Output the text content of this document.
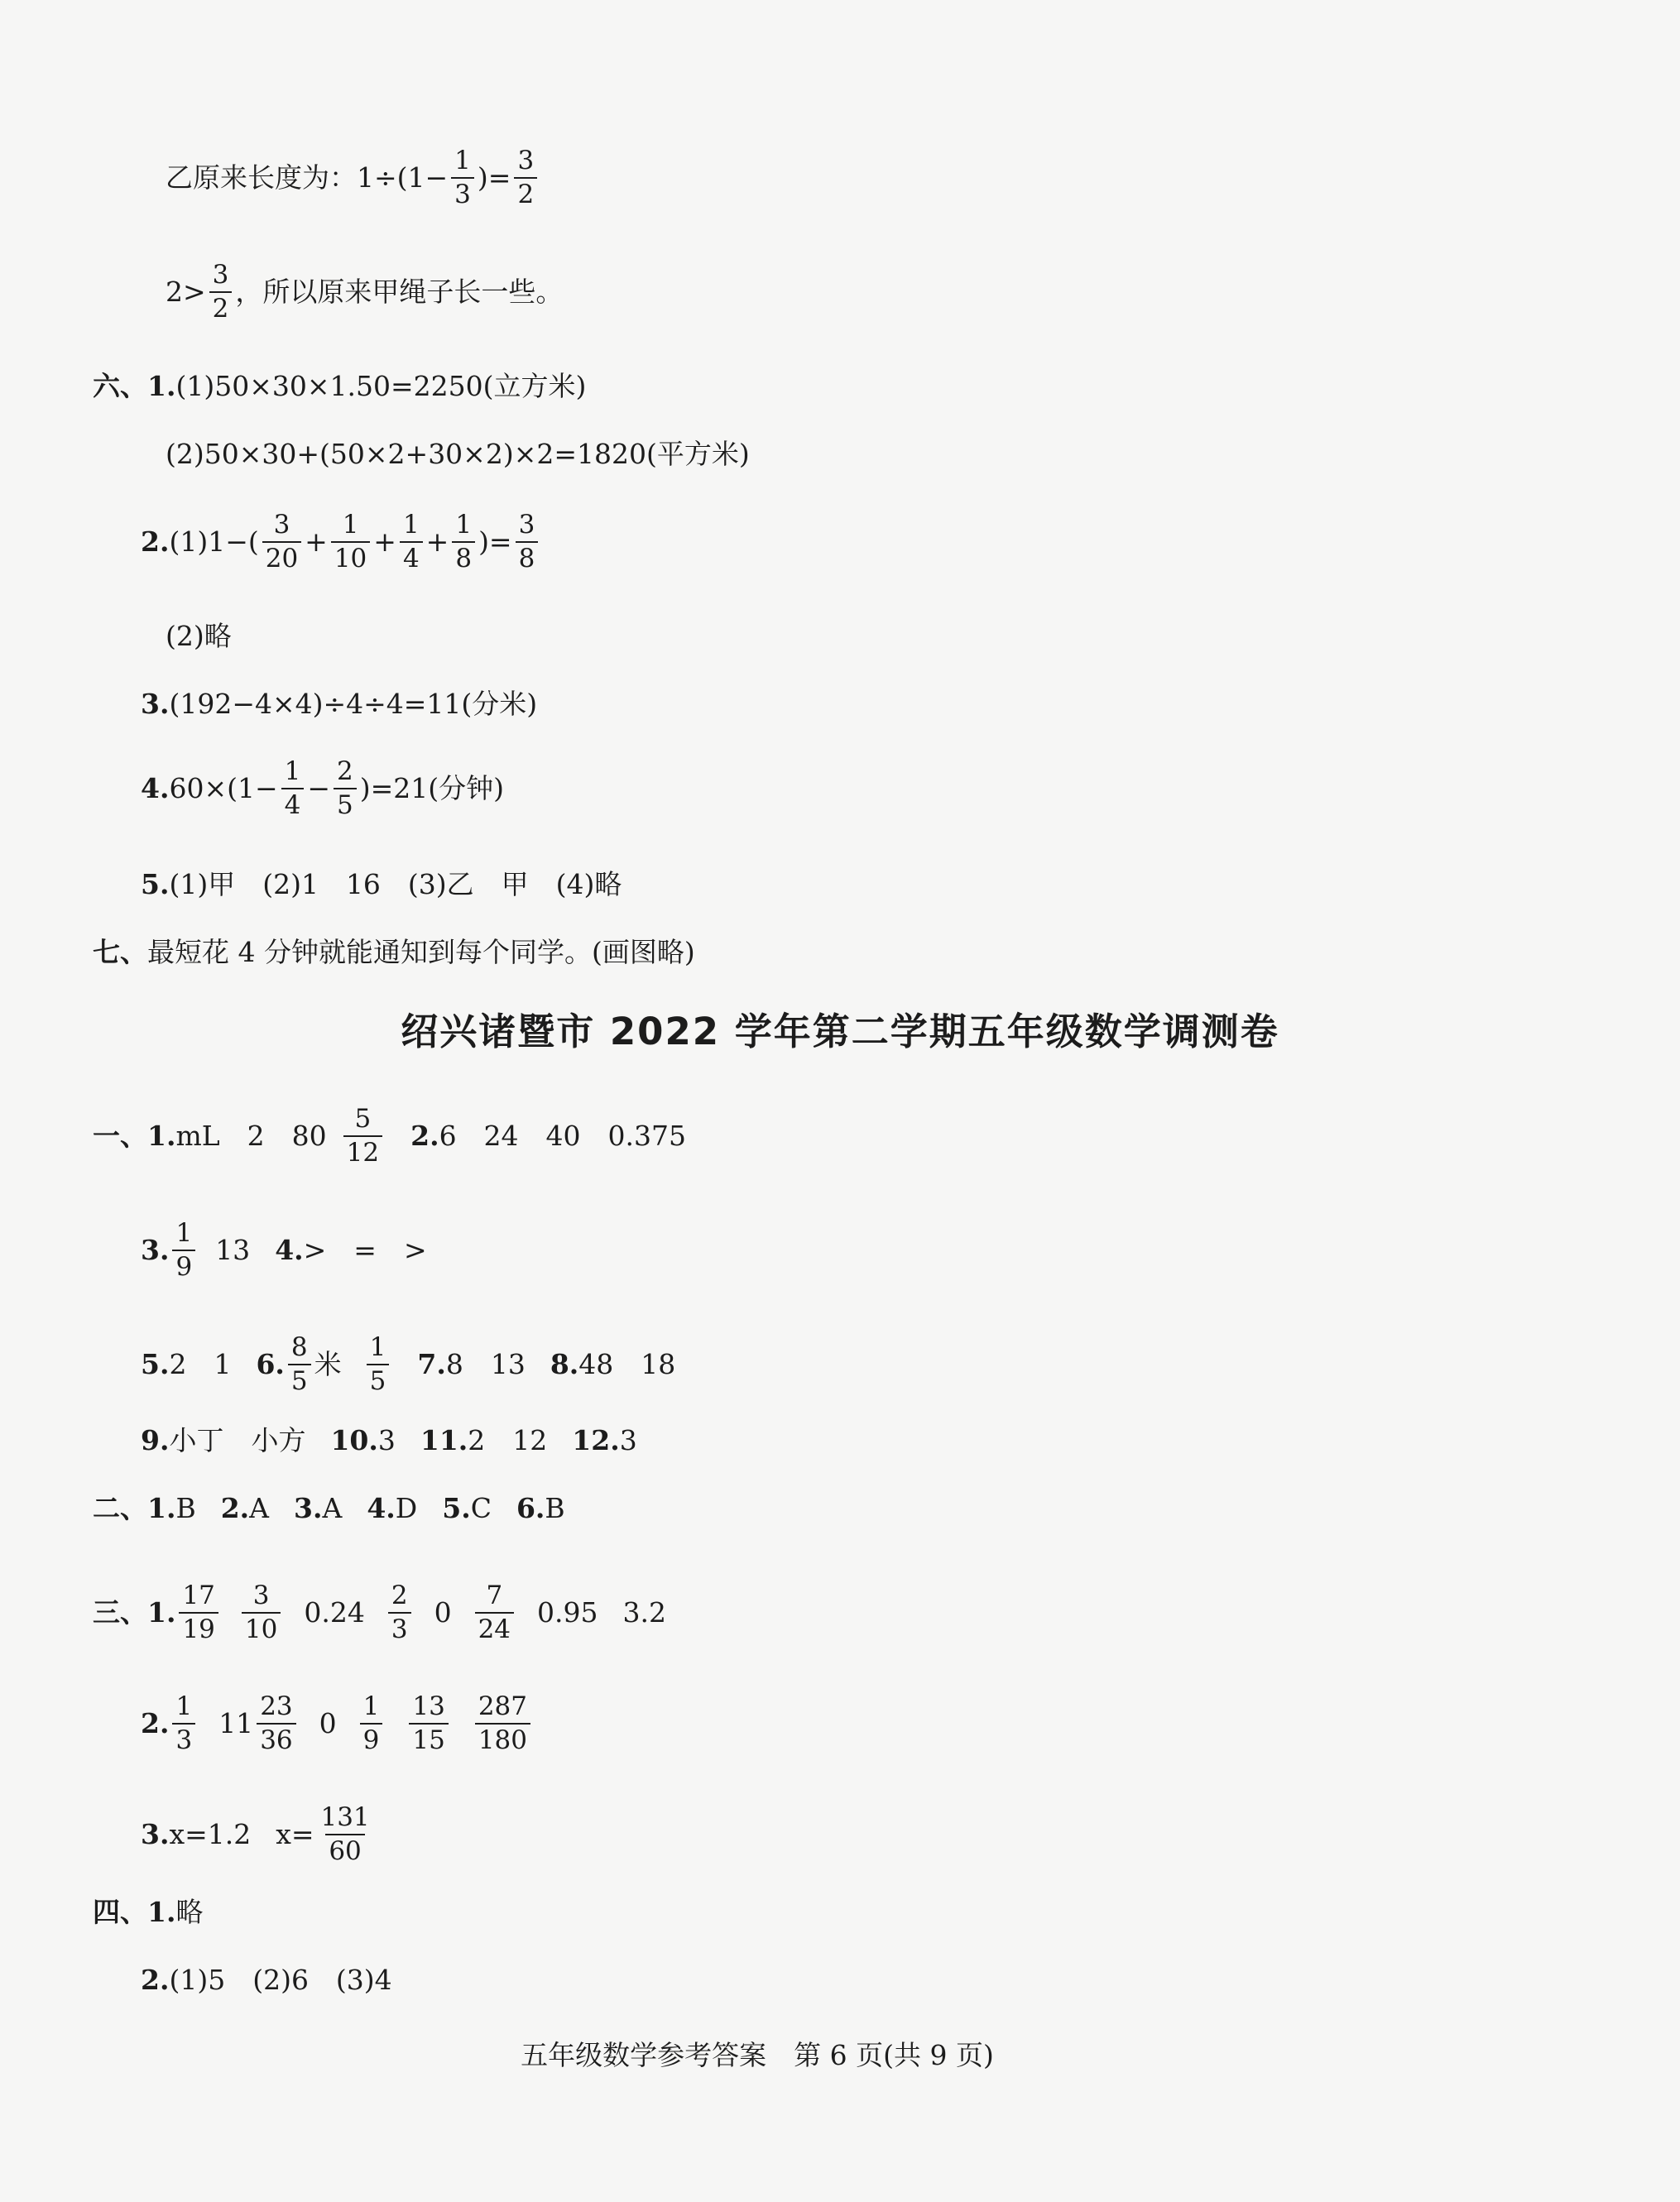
乙原来长度为：$1\div(1- \frac{1}{3}$ )= $\frac{3}{2}$
$2> \frac{3}{2}$ ，所以原来甲绳子长一些。
六、 1. (1)50×30×1.50=2250(立方米)
(2)50×30+(50×2+30×2)×2=1820(平方米)
2. $(1)1-( \frac{3}{20} + \frac{1}{10} + \frac{1}{4} + \frac{1}{8}$ )= $\frac{3}{8}$
(2)略
3. (192−4×4)÷4÷4=11(分米)
4. $60\times(1- \frac{1}{4} - \frac{2}{5} )=21$(分钟)
5. (1)甲　(2)1　16　(3)乙　甲　(4)略
七、 最短花 4 分钟就能通知到每个同学。(画图略)
绍兴诸暨市 2022 学年第二学期五年级数学调测卷
一、 1. mL　2　$80 \frac{5}{12} 2$. 6　24　40　0.375
3. $\frac{1}{9} 13$ 4. >　=　>
5. 2　1 6. $\frac{8}{5}$ 米 $\frac{1}{5} 7$. 8　13 8. 48　18
9. 小丁　小方 10. 3 11. 2　12 12. 3
二、 1. B 2. A 3. A 4. D 5. C 6. B
三、 1. $\frac{17}{19} \frac{3}{10} 0.24 \frac{2}{3} 0 \frac{7}{24} 0.95$ 3.2
2. $\frac{1}{3} 11 \frac{23}{36} 0 \frac{1}{9} \frac{13}{15} \frac{287}{180}$
3. x=1.2 $x= \frac{131}{60}$
四、 1. 略
2. (1)5　(2)6　(3)4
五年级数学参考答案　第 6 页(共 9 页)
